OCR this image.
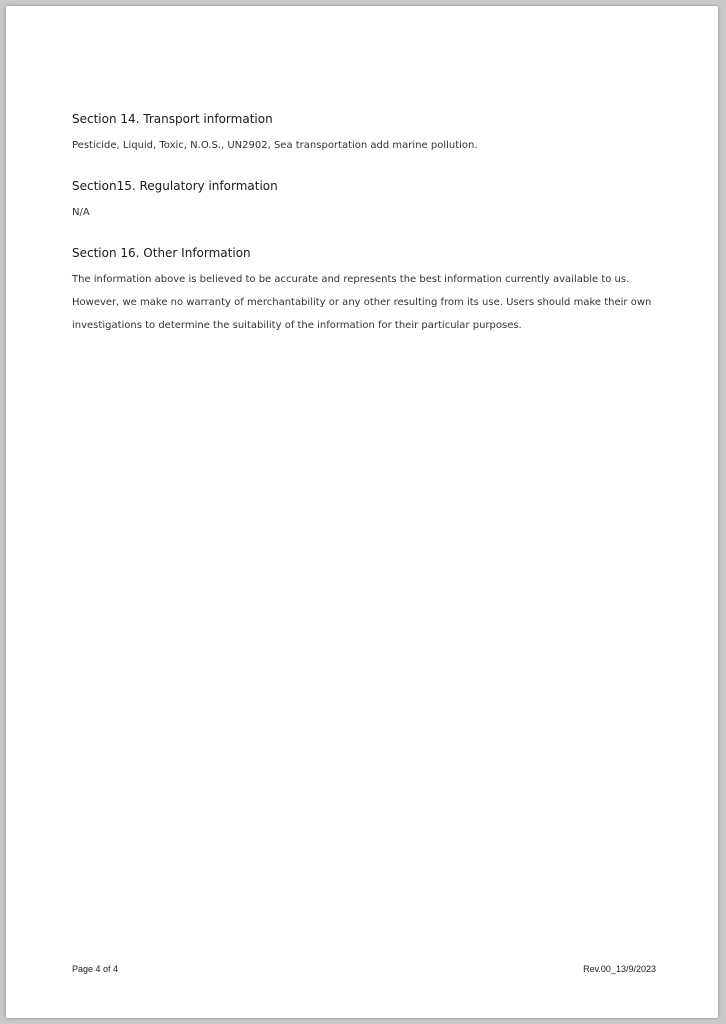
Section 14. Transport information

Pesticide, Liquid, Toxic, N.O.S., UN2902, Sea transportation add marine pollution.

Section15. Regulatory information

N/A

Section 16. Other Information

The information above is believed to be accurate and represents the best information currently available to us.

However, we make no warranty of merchantability or any other resulting from its use. Users should make their own

investigations to determine the suitability of the information for their particular purposes.

Page 4 of 4	Rev.00_13/9/2023
